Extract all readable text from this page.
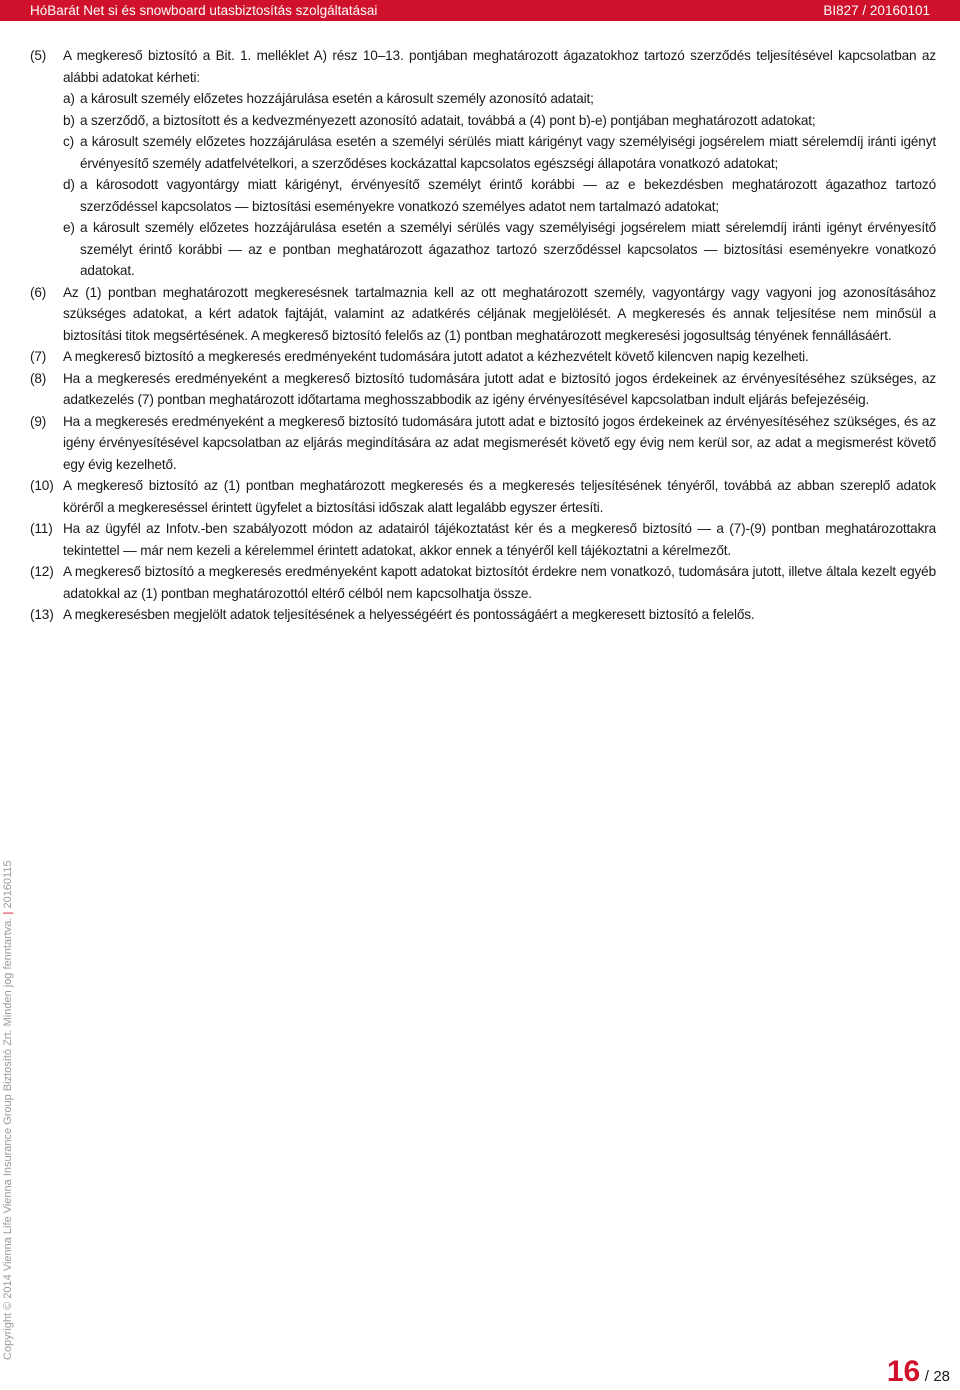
HóBarát Net si és snowboard utasbiztosítás szolgáltatásai	BI827 / 20160101
(5) A megkereső biztosító a Bit. 1. melléklet A) rész 10–13. pontjában meghatározott ágazatokhoz tartozó szerződés teljesítésével kapcsolatban az alábbi adatokat kérheti:
a) a károsult személy előzetes hozzájárulása esetén a károsult személy azonosító adatait;
b) a szerződő, a biztosított és a kedvezményezett azonosító adatait, továbbá a (4) pont b)-e) pontjában meghatározott adatokat;
c) a károsult személy előzetes hozzájárulása esetén a személyi sérülés miatt kárigényt vagy személyiségi jogsérelem miatt sérelemdíj iránti igényt érvényesítő személy adatfelvételkori, a szerződéses kockázattal kapcsolatos egészségi állapotára vonatkozó adatokat;
d) a károsodott vagyontárgy miatt kárigényt, érvényesítő személyt érintő korábbi — az e bekezdésben meghatározott ágazathoz tartozó szerződéssel kapcsolatos — biztosítási eseményekre vonatkozó személyes adatot nem tartalmazó adatokat;
e) a károsult személy előzetes hozzájárulása esetén a személyi sérülés vagy személyiségi jogsérelem miatt sérelemdíj iránti igényt érvényesítő személyt érintő korábbi — az e pontban meghatározott ágazathoz tartozó szerződéssel kapcsolatos — biztosítási eseményekre vonatkozó adatokat.
(6) Az (1) pontban meghatározott megkeresésnek tartalmaznia kell az ott meghatározott személy, vagyontárgy vagy vagyoni jog azonosításához szükséges adatokat, a kért adatok fajtáját, valamint az adatkérés céljának megjelölését. A megkeresés és annak teljesítése nem minősül a biztosítási titok megsértésének. A megkereső biztosító felelős az (1) pontban meghatározott megkeresési jogosultság tényének fennállásáért.
(7) A megkereső biztosító a megkeresés eredményeként tudomására jutott adatot a kézhezvételt követő kilencven napig kezelheti.
(8) Ha a megkeresés eredményeként a megkereső biztosító tudomására jutott adat e biztosító jogos érdekeinek az érvényesítéséhez szükséges, az adatkezelés (7) pontban meghatározott időtartama meghosszabbodik az igény érvényesítésével kapcsolatban indult eljárás befejezéséig.
(9) Ha a megkeresés eredményeként a megkereső biztosító tudomására jutott adat e biztosító jogos érdekeinek az érvényesítéséhez szükséges, és az igény érvényesítésével kapcsolatban az eljárás megindítására az adat megismerését követő egy évig nem kerül sor, az adat a megismerést követő egy évig kezelhető.
(10) A megkereső biztosító az (1) pontban meghatározott megkeresés és a megkeresés teljesítésének tényéről, továbbá az abban szereplő adatok köréről a megkereséssel érintett ügyfelet a biztosítási időszak alatt legalább egyszer értesíti.
(11) Ha az ügyfél az Infotv.-ben szabályozott módon az adatairól tájékoztatást kér és a megkereső biztosító — a (7)-(9) pontban meghatározottakra tekintettel — már nem kezeli a kérelemmel érintett adatokat, akkor ennek a tényéről kell tájékoztatni a kérelmezőt.
(12) A megkereső biztosító a megkeresés eredményeként kapott adatokat biztosítót érdekre nem vonatkozó, tudomására jutott, illetve általa kezelt egyéb adatokkal az (1) pontban meghatározottól eltérő célból nem kapcsolhatja össze.
(13) A megkeresésben megjelölt adatok teljesítésének a helyességéért és pontosságáért a megkeresett biztosító a felelős.
Copyright © 2014 Vienna Life Vienna Insurance Group Biztosító Zrt. Minden jog fenntartva. | 20160115
16 / 28
